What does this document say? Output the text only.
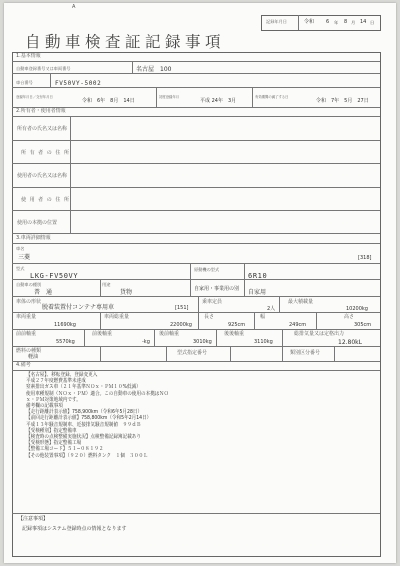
A
自動車検査証記録事項
記録年月日	令和 6 年 8 月 14 日
1.基本情報
自動車登録番号又は車両番号	名古屋　100
車台番号	FV50VY-5002
登録年月日／交付年月日
令和　6年　8月　14日
初度登録年月
平成 24年　3月
有効期間の満了する日
令和　7年　5月　27日
2.所有者・使用者情報
所有者の氏名又は名称
所 有 者 の 住 所
使用者の氏名又は名称
使 用 者 の 住 所
使用の本拠の位置
3.車両詳細情報
車名
三菱	[318]
型式
LKG-FV50VY
原動機の型式
6R10
自動車の種別
普　通
用途
貨物	自家用・事業用の別 自家用
車体の形状
脱着装置付コンテナ専用車	[151]
乗車定員
2人
最大積載量
10200kg
車両重量
11690kg
車両総重量
22000kg
長さ
925cm
幅
249cm
高さ
305cm
前前軸重
5570kg
前後軸重
-kg
後前軸重
3010kg
後後軸重
3110kg
総排気量又は定格出力
12.80kL
燃料の種類
軽油
型式指定番号	類別区分番号
4.備考
【注意事項】
記録事項はシステム登録時点の情報となります
【名古屋】、移転登録、登録変更入
平成２７年度燃費基準未達成
窒素排出ガス車（２１年基準ＮＯｘ・ＰＭ１０%低減）
使用車種規制（ＮＯｘ・ＰＭ）適合。この自動車の使用の本拠はＮＯ
ｘ・ＰＭ対策地域内です。
備考欄の記載事項
【走行距離計表示値】758,900km（令和6年5月28日）
【前回走行距離計表示値】758,800km（令和5年2月14日）
平成１３年騒音規制車、近接排気騒音規制値　９９ｄＢ
【受検種別】指定整備車
【検査時の点検整備実施状況】点検整備記録簿記載あり
【受検形態】指定整備工場
【整備工場コード】５１−０８１９２
【その他装置事項】（９２０）燃料タンク　１個　３００Ｌ
